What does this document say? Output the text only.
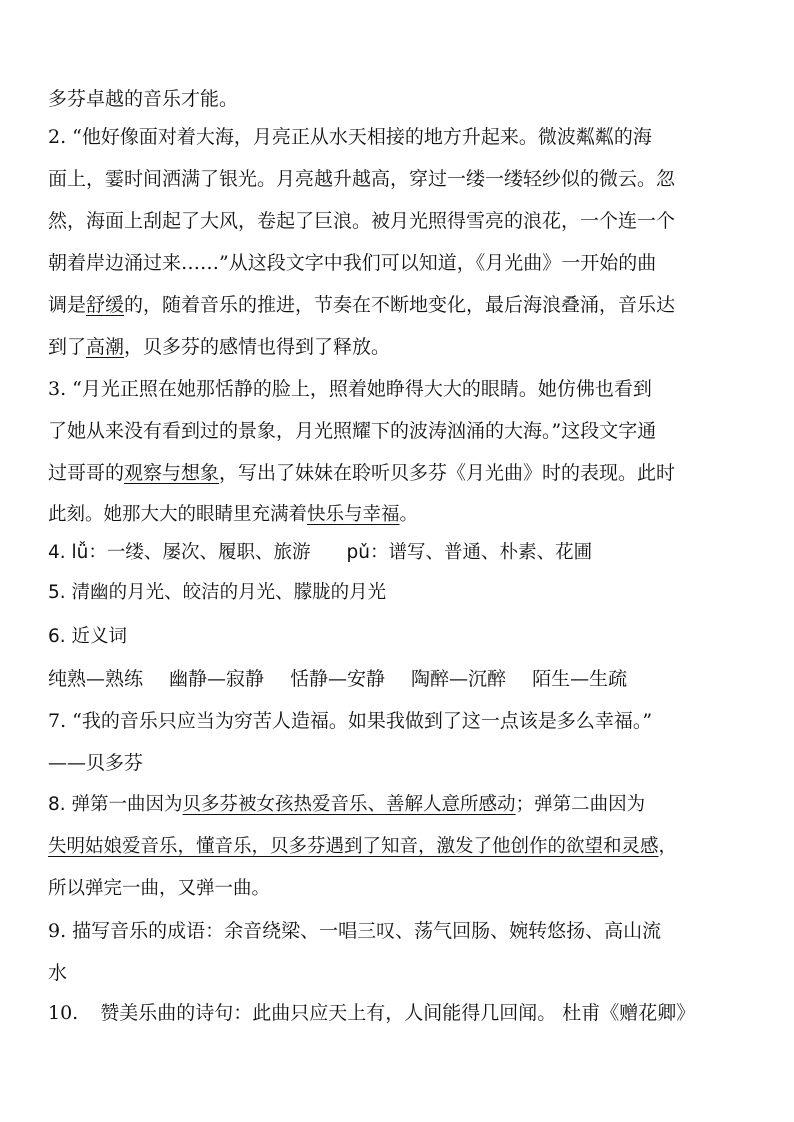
多芬卓越的音乐才能。
2. “他好像面对着大海，月亮正从水天相接的地方升起来。微波粼粼的海
面上，霎时间洒满了银光。月亮越升越高，穿过一缕一缕轻纱似的微云。忽
然，海面上刮起了大风，卷起了巨浪。被月光照得雪亮的浪花，一个连一个
朝着岸边涌过来……”从这段文字中我们可以知道，《月光曲》一开始的曲
调是舒缓的，随着音乐的推进，节奏在不断地变化，最后海浪叠涌，音乐达
到了高潮，贝多芬的感情也得到了释放。
3. “月光正照在她那恬静的脸上，照着她睁得大大的眼睛。她仿佛也看到
了她从来没有看到过的景象，月光照耀下的波涛汹涌的大海。”这段文字通
过哥哥的观察与想象，写出了妹妹在聆听贝多芬《月光曲》时的表现。此时
此刻。她那大大的眼睛里充满着快乐与幸福。
4. lǚ：一缕、屡次、履职、旅游 pǔ：谱写、普通、朴素、花圃
5. 清幽的月光、皎洁的月光、朦胧的月光
6. 近义词
纯熟—熟练 幽静—寂静 恬静—安静 陶醉—沉醉 陌生—生疏
7. “我的音乐只应当为穷苦人造福。如果我做到了这一点该是多么幸福。”
——贝多芬
8. 弹第一曲因为贝多芬被女孩热爱音乐、善解人意所感动；弹第二曲因为
失明姑娘爱音乐，懂音乐，贝多芬遇到了知音，激发了他创作的欲望和灵感，
所以弹完一曲，又弹一曲。
9. 描写音乐的成语：余音绕梁、一唱三叹、荡气回肠、婉转悠扬、高山流
水
10. 赞美乐曲的诗句：此曲只应天上有，人间能得几回闻。 杜甫《赠花卿》
